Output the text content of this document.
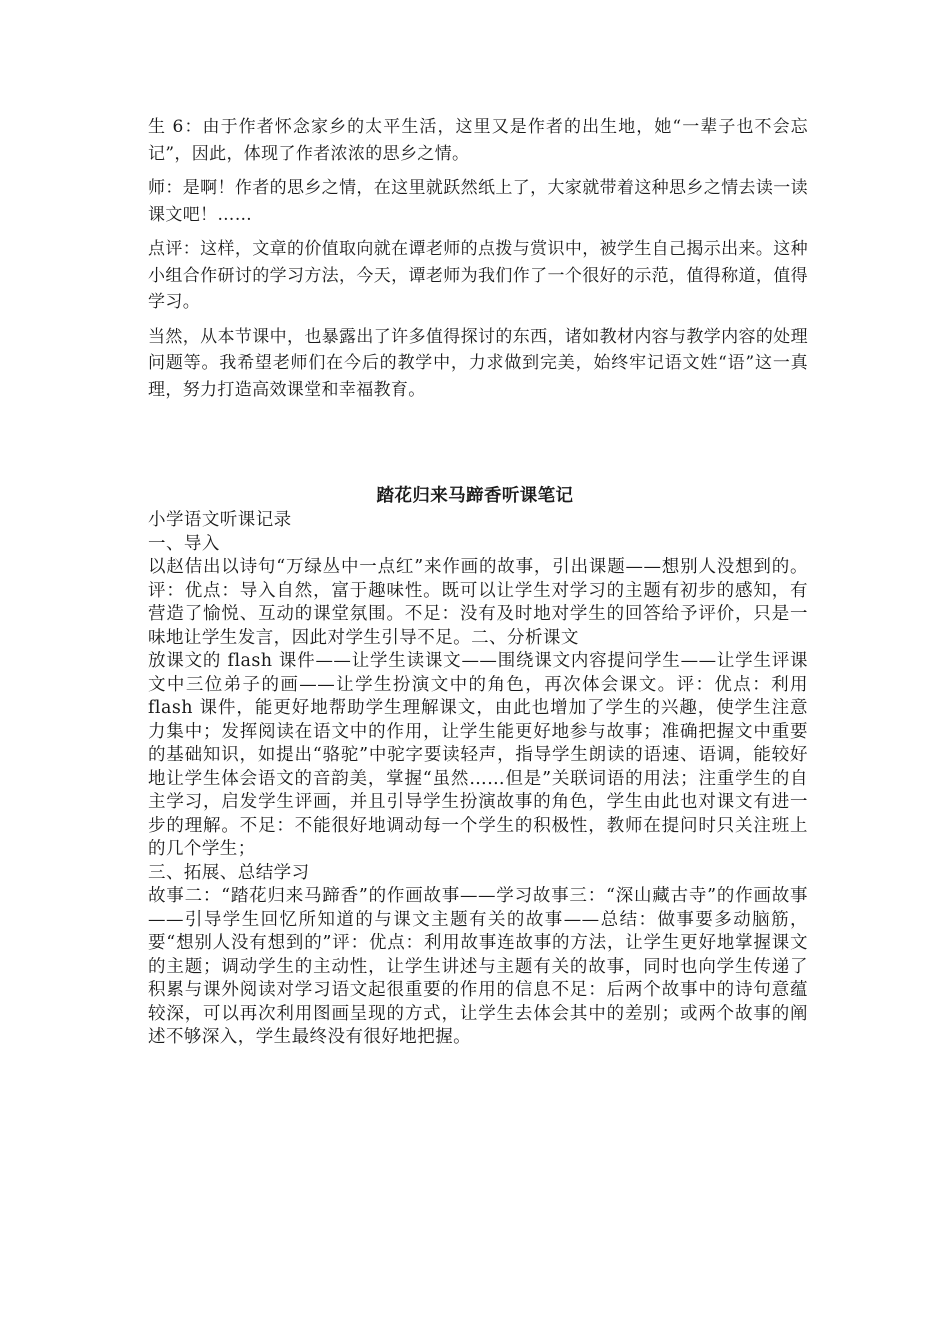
生 6：由于作者怀念家乡的太平生活，这里又是作者的出生地，她“一辈子也不会忘记”，因此，体现了作者浓浓的思乡之情。

师：是啊！作者的思乡之情，在这里就跃然纸上了，大家就带着这种思乡之情去读一读课文吧！……

点评：这样，文章的价值取向就在谭老师的点拨与赏识中，被学生自己揭示出来。这种小组合作研讨的学习方法，今天，谭老师为我们作了一个很好的示范，值得称道，值得学习。

当然，从本节课中，也暴露出了许多值得探讨的东西，诸如教材内容与教学内容的处理问题等。我希望老师们在今后的教学中，力求做到完美，始终牢记语文姓“语”这一真理，努力打造高效课堂和幸福教育。

踏花归来马蹄香听课笔记

小学语文听课记录

一、导入

以赵佶出以诗句“万绿丛中一点红”来作画的故事，引出课题——想别人没想到的。评：优点：导入自然，富于趣味性。既可以让学生对学习的主题有初步的感知，有营造了愉悦、互动的课堂氛围。不足：没有及时地对学生的回答给予评价，只是一味地让学生发言，因此对学生引导不足。二、分析课文

放课文的 flash 课件——让学生读课文——围绕课文内容提问学生——让学生评课文中三位弟子的画——让学生扮演文中的角色，再次体会课文。评：优点：利用 flash 课件，能更好地帮助学生理解课文，由此也增加了学生的兴趣，使学生注意力集中；发挥阅读在语文中的作用，让学生能更好地参与故事；准确把握文中重要的基础知识，如提出“骆驼”中驼字要读轻声，指导学生朗读的语速、语调，能较好地让学生体会语文的音韵美，掌握“虽然……但是”关联词语的用法；注重学生的自主学习，启发学生评画，并且引导学生扮演故事的角色，学生由此也对课文有进一步的理解。不足：不能很好地调动每一个学生的积极性，教师在提问时只关注班上的几个学生；

三、拓展、总结学习

故事二：“踏花归来马蹄香”的作画故事——学习故事三：“深山藏古寺”的作画故事——引导学生回忆所知道的与课文主题有关的故事——总结：做事要多动脑筋，要“想别人没有想到的”评：优点：利用故事连故事的方法，让学生更好地掌握课文的主题；调动学生的主动性，让学生讲述与主题有关的故事，同时也向学生传递了积累与课外阅读对学习语文起很重要的作用的信息不足：后两个故事中的诗句意蕴较深，可以再次利用图画呈现的方式，让学生去体会其中的差别；或两个故事的阐述不够深入，学生最终没有很好地把握。
